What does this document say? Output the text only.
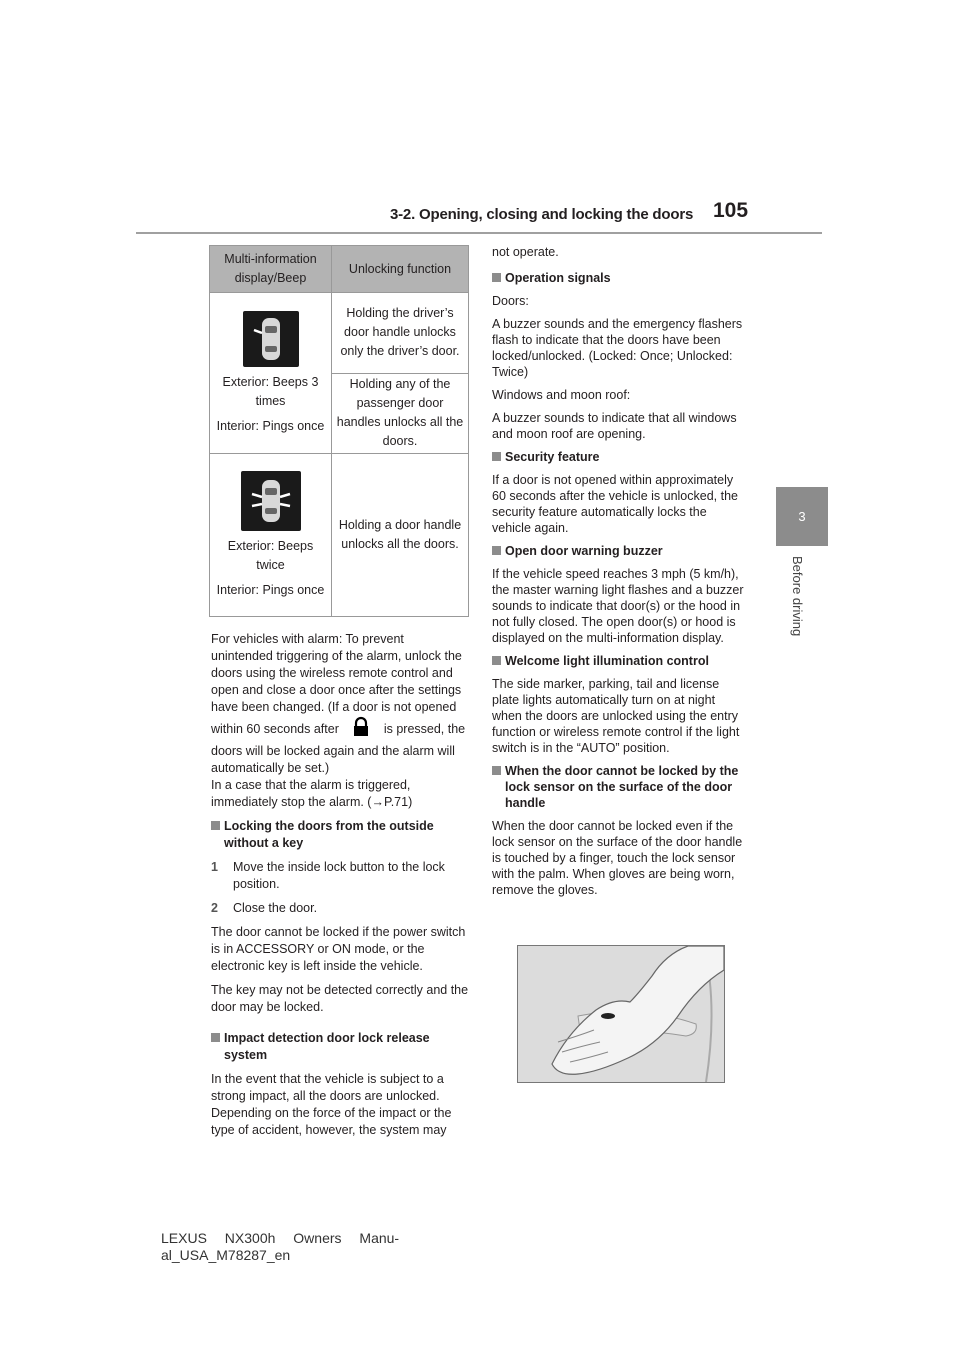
3-2. Opening, closing and locking the doors 105
3
Before driving
Multi-information display/Beep	Unlocking function

Exterior: Beeps 3 times
Interior: Pings once	Holding the driver’s door handle unlocks only the driver’s door.
	Holding any of the passenger door handles unlocks all the doors.

Exterior: Beeps twice
Interior: Pings once	Holding a door handle unlocks all the doors.

For vehicles with alarm: To prevent unintended triggering of the alarm, unlock the doors using the wireless remote control and open and close a door once after the settings have been changed. (If a door is not opened within 60 seconds after	is pressed, the doors will be locked again and the alarm will automatically be set.)
In a case that the alarm is triggered, immediately stop the alarm. (→P.71)

Locking the doors from the outside without a key

1 Move the inside lock button to the lock position.

2 Close the door.

The door cannot be locked if the power switch is in ACCESSORY or ON mode, or the electronic key is left inside the vehicle.

The key may not be detected correctly and the door may be locked.

Impact detection door lock release system

In the event that the vehicle is subject to a strong impact, all the doors are unlocked. Depending on the force of the impact or the type of accident, however, the system may

not operate.

Operation signals

Doors:

A buzzer sounds and the emergency flashers flash to indicate that the doors have been locked/unlocked. (Locked: Once; Unlocked: Twice)

Windows and moon roof:

A buzzer sounds to indicate that all windows and moon roof are opening.

Security feature

If a door is not opened within approximately 60 seconds after the vehicle is unlocked, the security feature automatically locks the vehicle again.

Open door warning buzzer

If the vehicle speed reaches 3 mph (5 km/h), the master warning light flashes and a buzzer sounds to indicate that door(s) or the hood in not fully closed. The open door(s) or hood is displayed on the multi-information display.

Welcome light illumination control

The side marker, parking, tail and license plate lights automatically turn on at night when the doors are unlocked using the entry function or wireless remote control if the light switch is in the “AUTO” position.

When the door cannot be locked by the lock sensor on the surface of the door handle

When the door cannot be locked even if the lock sensor on the surface of the door handle is touched by a finger, touch the lock sensor with the palm. When gloves are being worn, remove the gloves.

LEXUS NX300h Owners Manu-
al_USA_M78287_en
